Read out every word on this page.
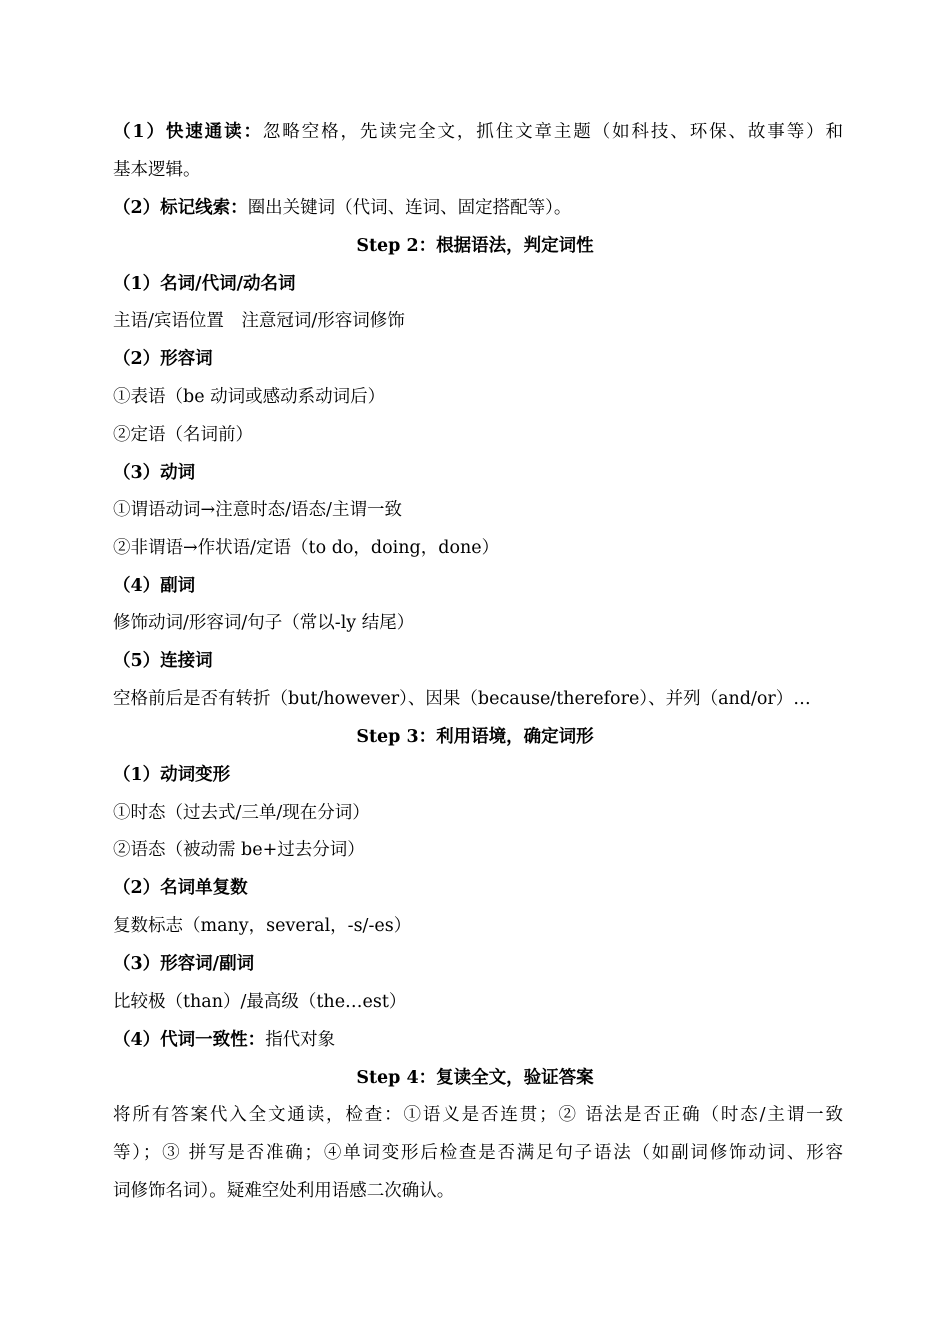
（1）快速通读：忽略空格，先读完全文，抓住文章主题（如科技、环保、故事等）和
基本逻辑。
（2）标记线索：圈出关键词（代词、连词、固定搭配等）。
Step 2：根据语法，判定词性
（1）名词/代词/动名词
主语/宾语位置　注意冠词/形容词修饰
（2）形容词
①表语（be 动词或感动系动词后）
②定语（名词前）
（3）动词
①谓语动词→注意时态/语态/主谓一致
②非谓语→作状语/定语（to do，doing，done）
（4）副词
修饰动词/形容词/句子（常以-ly 结尾）
（5）连接词
空格前后是否有转折（but/however）、因果（because/therefore）、并列（and/or）…
Step 3：利用语境，确定词形
（1）动词变形
①时态（过去式/三单/现在分词）
②语态（被动需 be+过去分词）
（2）名词单复数
复数标志（many，several，-s/-es）
（3）形容词/副词
比较极（than）/最高级（the…est）
（4）代词一致性：指代对象
Step 4：复读全文，验证答案
将所有答案代入全文通读，检查：①语义是否连贯；② 语法是否正确（时态/主谓一致
等）；③ 拼写是否准确；④单词变形后检查是否满足句子语法（如副词修饰动词、形容
词修饰名词）。疑难空处利用语感二次确认。
